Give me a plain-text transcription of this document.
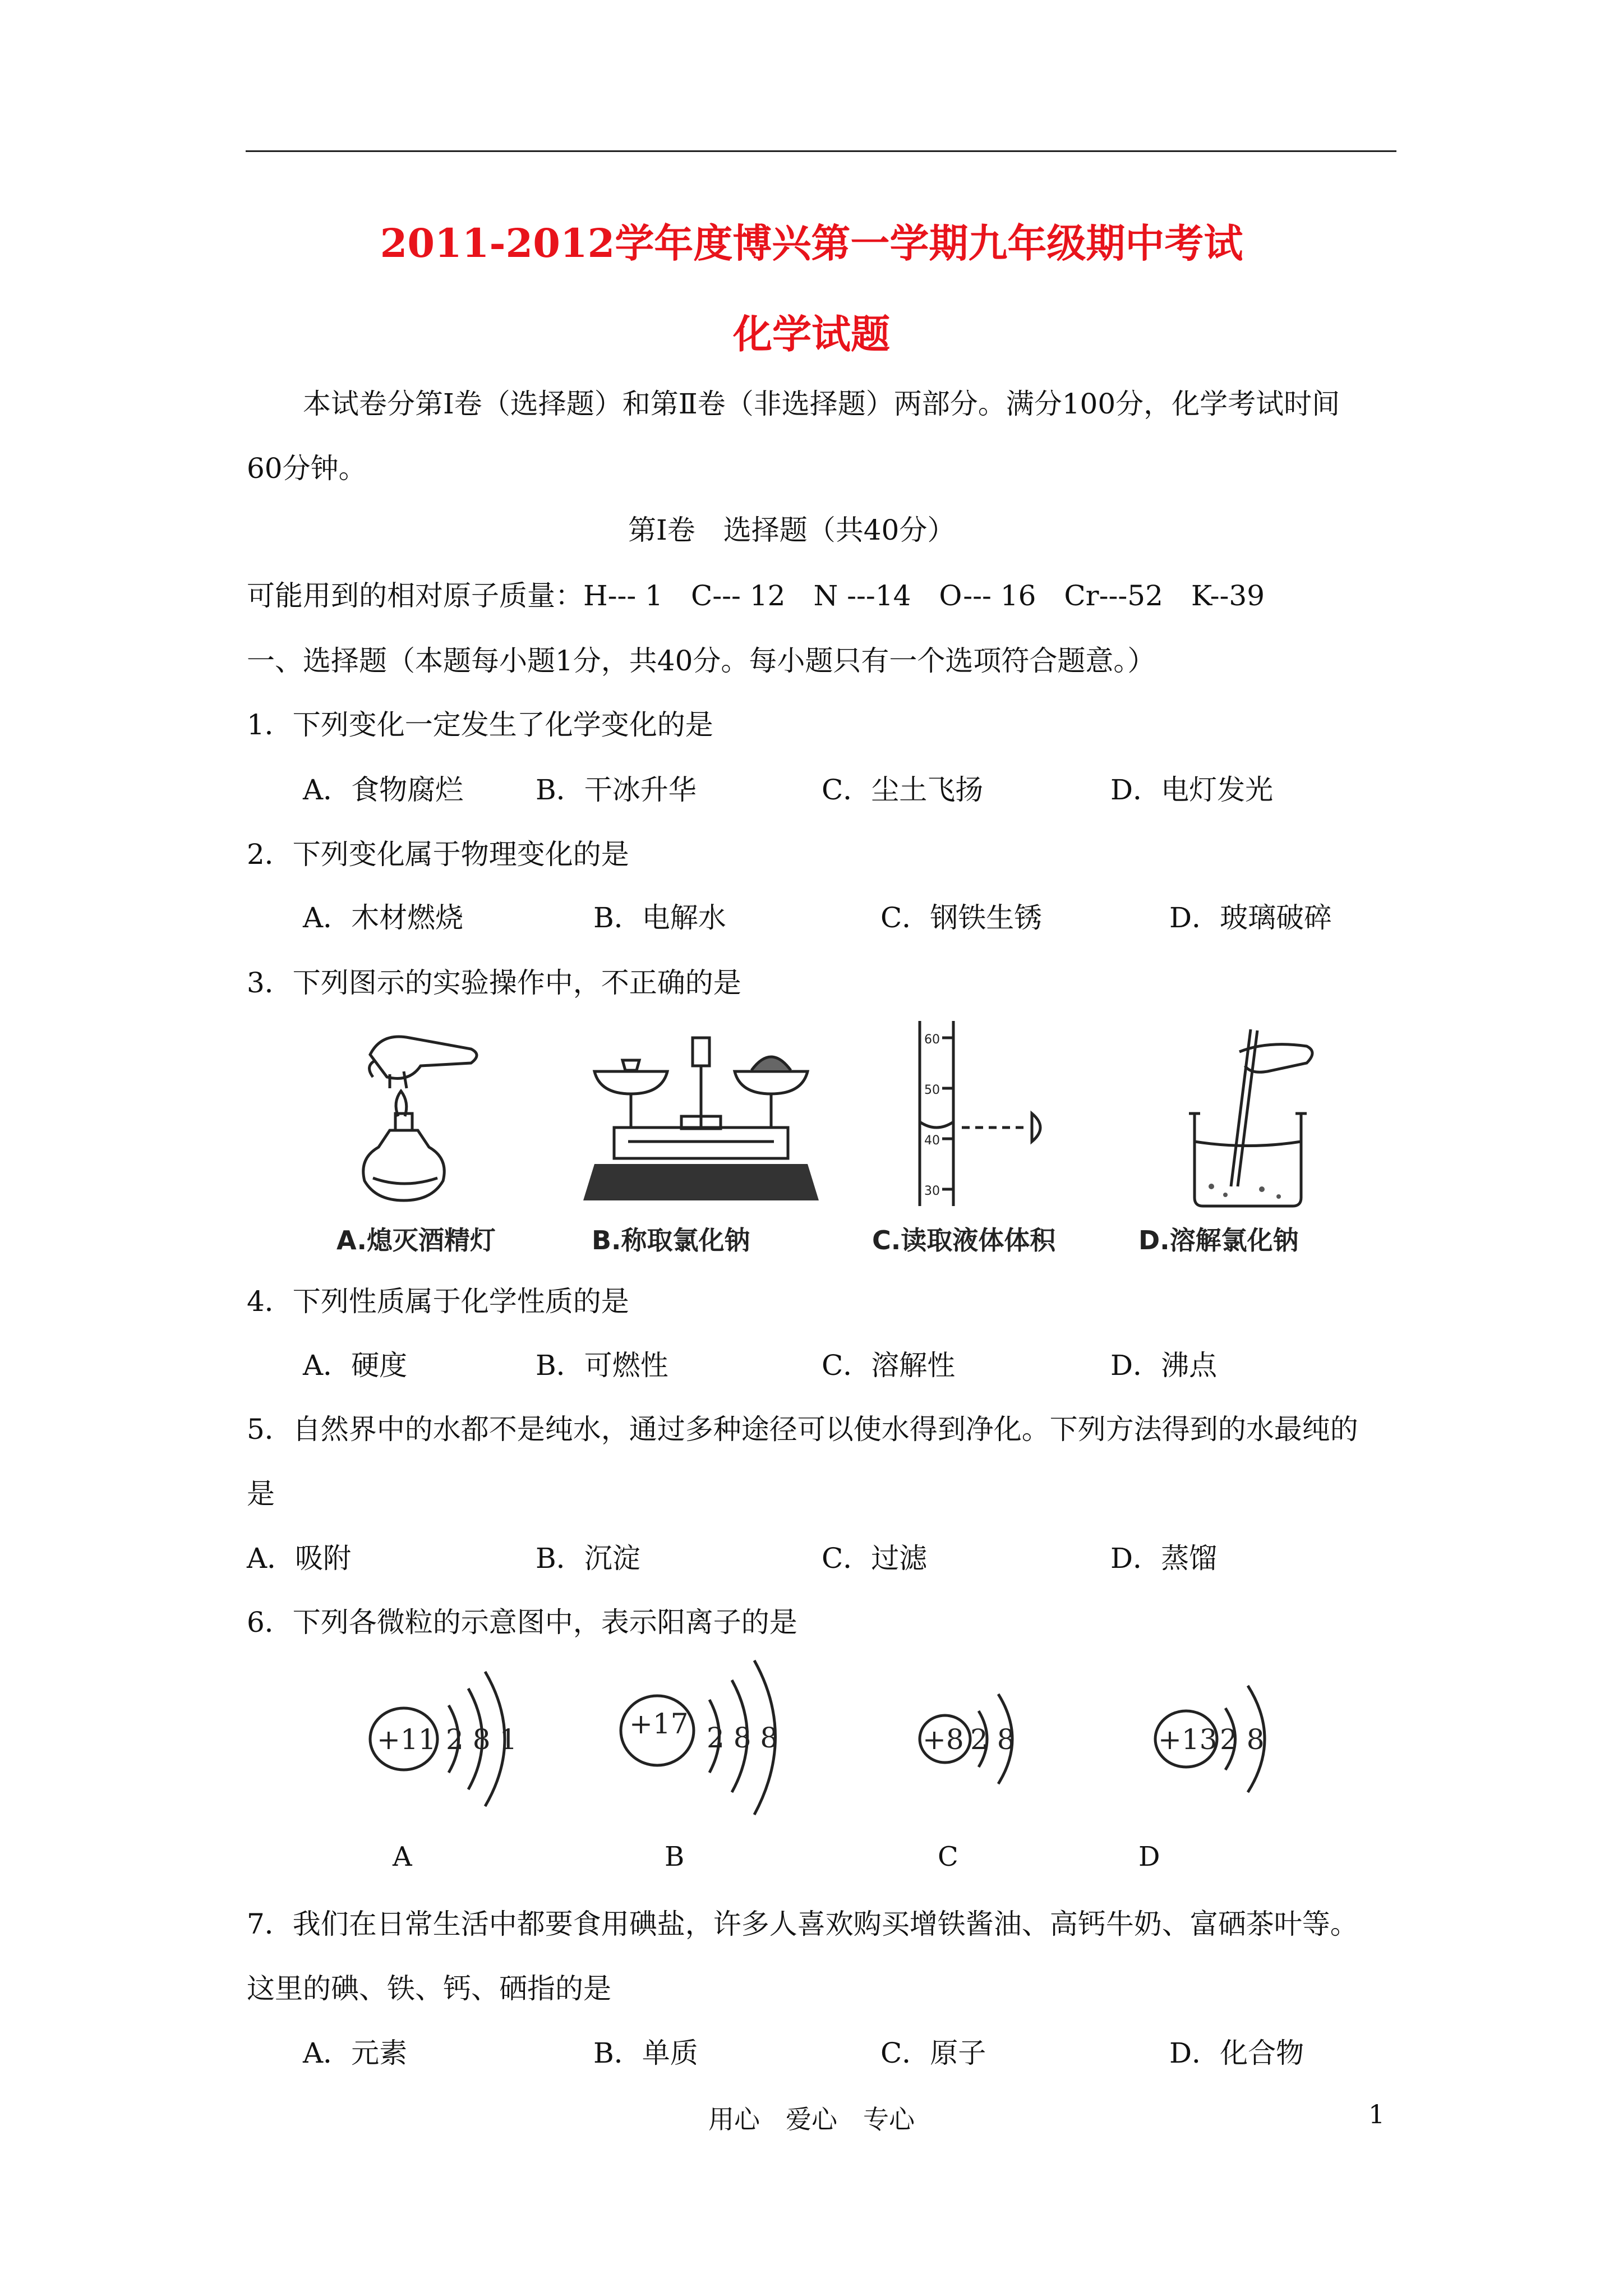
2011-2012学年度博兴第一学期九年级期中考试
化学试题
本试卷分第Ⅰ卷（选择题）和第Ⅱ卷（非选择题）两部分。满分100分，化学考试时间
60分钟。
第Ⅰ卷　选择题（共40分）
可能用到的相对原子质量：H--- 1　C--- 12　N ---14　O--- 16　Cr---52　K--39
一、选择题（本题每小题1分，共40分。每小题只有一个选项符合题意。）
1．下列变化一定发生了化学变化的是
A．食物腐烂	B．干冰升华	C．尘土飞扬	D．电灯发光
2．下列变化属于物理变化的是
A．木材燃烧	B．电解水	C．钢铁生锈	D．玻璃破碎
3．下列图示的实验操作中，不正确的是
A.熄灭酒精灯	B.称取氯化钠
60
50
40
30
C.读取液体体积	D.溶解氯化钠
4．下列性质属于化学性质的是
A．硬度	B．可燃性	C．溶解性	D．沸点
5．自然界中的水都不是纯水，通过多种途径可以使水得到净化。下列方法得到的水最纯的
是
A．吸附	B．沉淀	C．过滤	D．蒸馏
6．下列各微粒的示意图中，表示阳离子的是
+11 2 8 1
A
+17 2 8 8
B
+8 2 8
C
+13 2 8
D
7．我们在日常生活中都要食用碘盐，许多人喜欢购买增铁酱油、高钙牛奶、富硒茶叶等。
这里的碘、铁、钙、硒指的是
A．元素	B．单质	C．原子	D．化合物
用心　爱心　专心	1
